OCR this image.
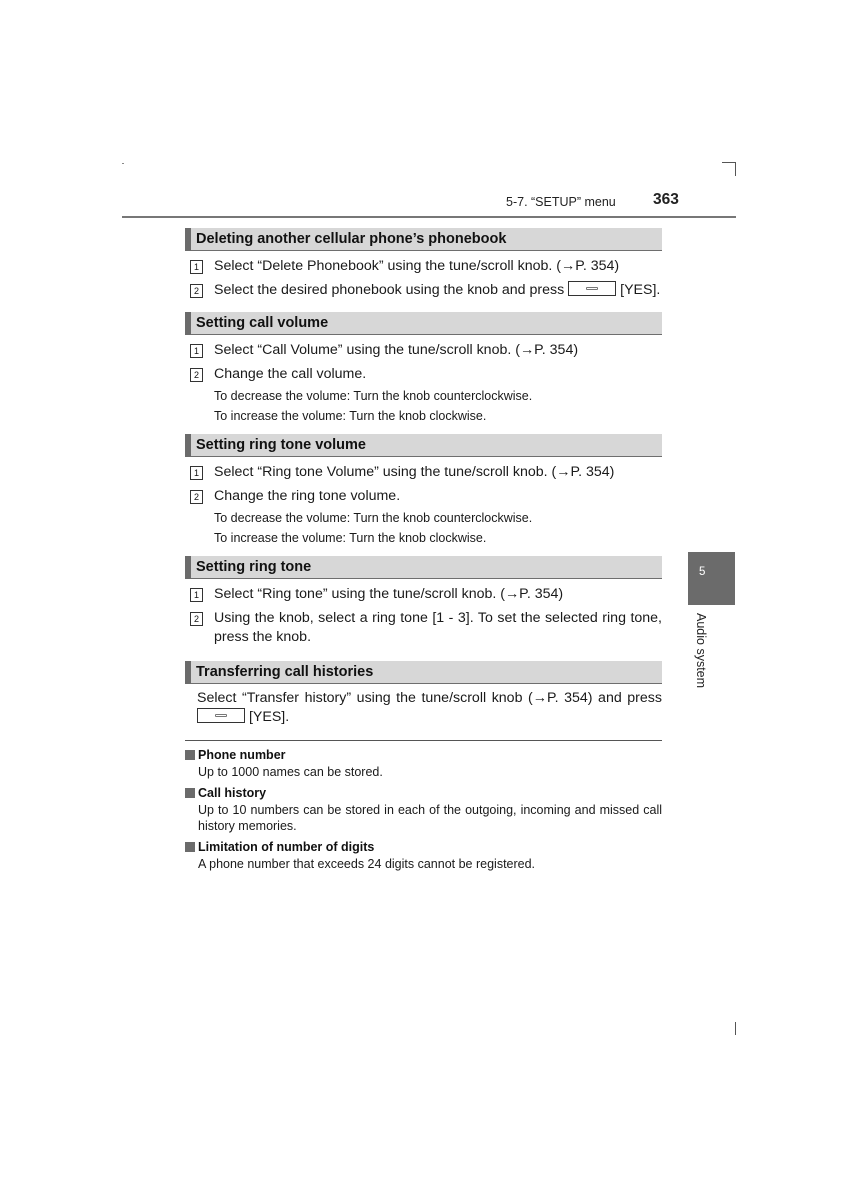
5-7. “SETUP” menu 363
5
Audio system
Deleting another cellular phone’s phonebook
1 Select “Delete Phonebook” using the tune/scroll knob. (→P. 354)
2 Select the desired phonebook using the knob and press	[YES].
Setting call volume
1 Select “Call Volume” using the tune/scroll knob. (→P. 354)
2 Change the call volume.
To decrease the volume: Turn the knob counterclockwise.
To increase the volume: Turn the knob clockwise.
Setting ring tone volume
1 Select “Ring tone Volume” using the tune/scroll knob. (→P. 354)
2 Change the ring tone volume.
To decrease the volume: Turn the knob counterclockwise.
To increase the volume: Turn the knob clockwise.
Setting ring tone
1 Select “Ring tone” using the tune/scroll knob. (→P. 354)
2 Using the knob, select a ring tone [1 - 3]. To set the selected ring tone, press the knob.
Transferring call histories
Select “Transfer history” using the tune/scroll knob (→P. 354) and press  [YES].
Phone number
Up to 1000 names can be stored.
Call history
Up to 10 numbers can be stored in each of the outgoing, incoming and missed call history memories.
Limitation of number of digits
A phone number that exceeds 24 digits cannot be registered.
